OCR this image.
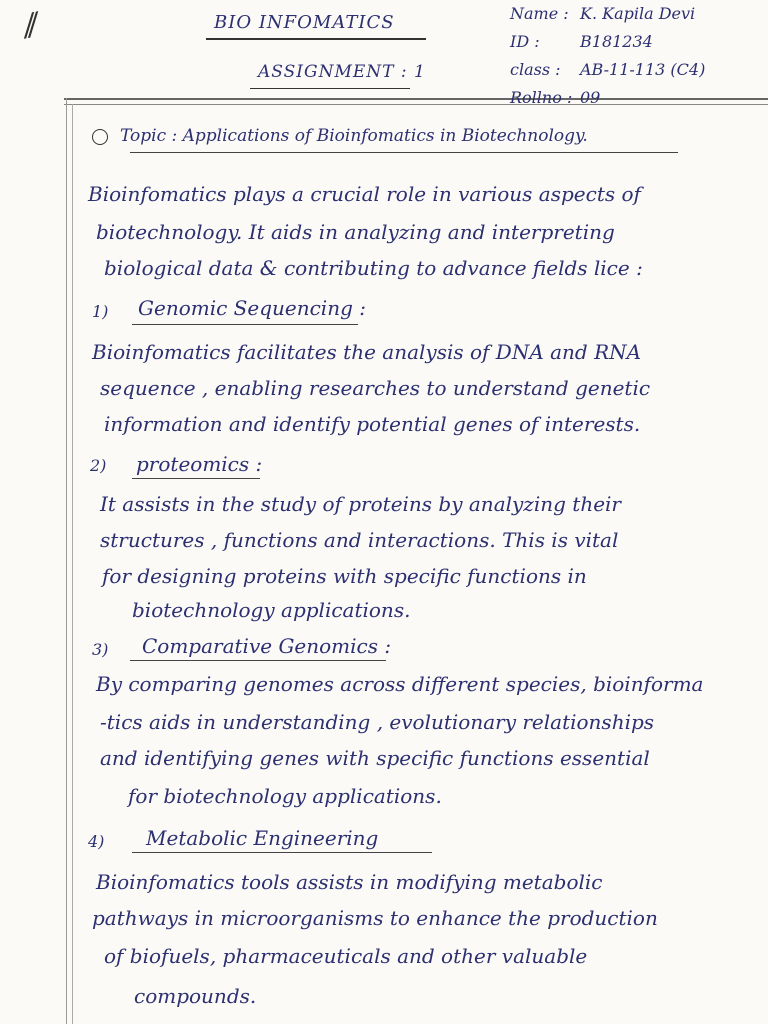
//	BIO INFOMATICS
ASSIGNMENT : 1
Name : K. Kapila Devi
ID :	B181234
class : AB-11-113 (C4)
Rollno : 09
Topic : Applications of Bioinfomatics in Biotechnology.
Bioinfomatics plays a crucial role in various aspects of
biotechnology. It aids in analyzing and interpreting
biological data & contributing to advance fields lice :
1) Genomic Sequencing :
Bioinfomatics facilitates the analysis of DNA and RNA
sequence , enabling researches to understand genetic
information and identify potential genes of interests.
2) proteomics :
It assists in the study of proteins by analyzing their
structures , functions and interactions. This is vital
for designing proteins with specific functions in
biotechnology applications.
3) Comparative Genomics :
By comparing genomes across different species, bioinforma
-tics aids in understanding , evolutionary relationships
and identifying genes with specific functions essential
for biotechnology applications.
4) Metabolic Engineering
Bioinfomatics tools assists in modifying metabolic
pathways in microorganisms to enhance the production
of biofuels, pharmaceuticals and other valuable
compounds.
